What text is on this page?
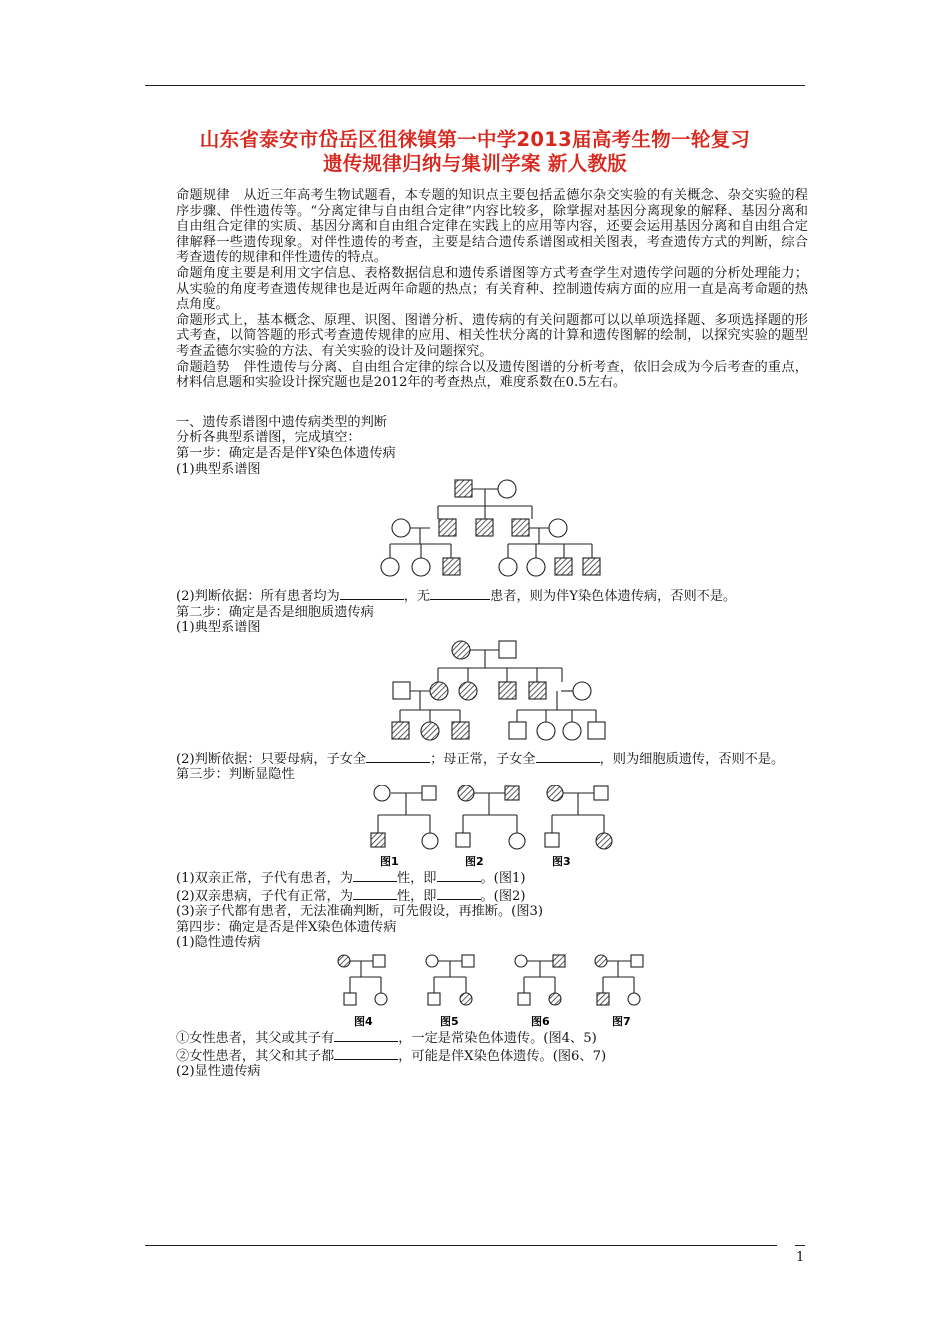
山东省泰安市岱岳区徂徕镇第一中学2013届高考生物一轮复习
遗传规律归纳与集训学案 新人教版

命题规律　从近三年高考生物试题看，本专题的知识点主要包括孟德尔杂交实验的有关概念、杂交实验的程序步骤、伴性遗传等。“分离定律与自由组合定律”内容比较多，除掌握对基因分离现象的解释、基因分离和自由组合定律的实质、基因分离和自由组合定律在实践上的应用等内容，还要会运用基因分离和自由组合定律解释一些遗传现象。对伴性遗传的考查，主要是结合遗传系谱图或相关图表，考查遗传方式的判断，综合考查遗传的规律和伴性遗传的特点。

命题角度主要是利用文字信息、表格数据信息和遗传系谱图等方式考查学生对遗传学问题的分析处理能力；从实验的角度考查遗传规律也是近两年命题的热点；有关育种、控制遗传病方面的应用一直是高考命题的热点角度。

命题形式上，基本概念、原理、识图、图谱分析、遗传病的有关问题都可以以单项选择题、多项选择题的形式考查，以简答题的形式考查遗传规律的应用、相关性状分离的计算和遗传图解的绘制，以探究实验的题型考查孟德尔实验的方法、有关实验的设计及问题探究。

命题趋势　伴性遗传与分离、自由组合定律的综合以及遗传图谱的分析考查，依旧会成为今后考查的重点，材料信息题和实验设计探究题也是2012年的考查热点，难度系数在0.5左右。

一、遗传系谱图中遗传病类型的判断

分析各典型系谱图，完成填空：

第一步：确定是否是伴Y染色体遗传病

(1)典型系谱图

(2)判断依据：所有患者均为	，无	患者，则为伴Y染色体遗传病，否则不是。

第二步：确定是否是细胞质遗传病

(1)典型系谱图

(2)判断依据：只要母病，子女全	；母正常，子女全	，则为细胞质遗传，否则不是。

第三步：判断显隐性

图1	图2	图3

(1)双亲正常，子代有患者，为	性，即	。(图1)

(2)双亲患病，子代有正常，为	性，即	。(图2)

(3)亲子代都有患者，无法准确判断，可先假设，再推断。(图3)

第四步：确定是否是伴X染色体遗传病

(1)隐性遗传病

图4	图5	图6	图7

①女性患者，其父或其子有	，一定是常染色体遗传。(图4、5)

②女性患者，其父和其子都	，可能是伴X染色体遗传。(图6、7)

(2)显性遗传病

1
